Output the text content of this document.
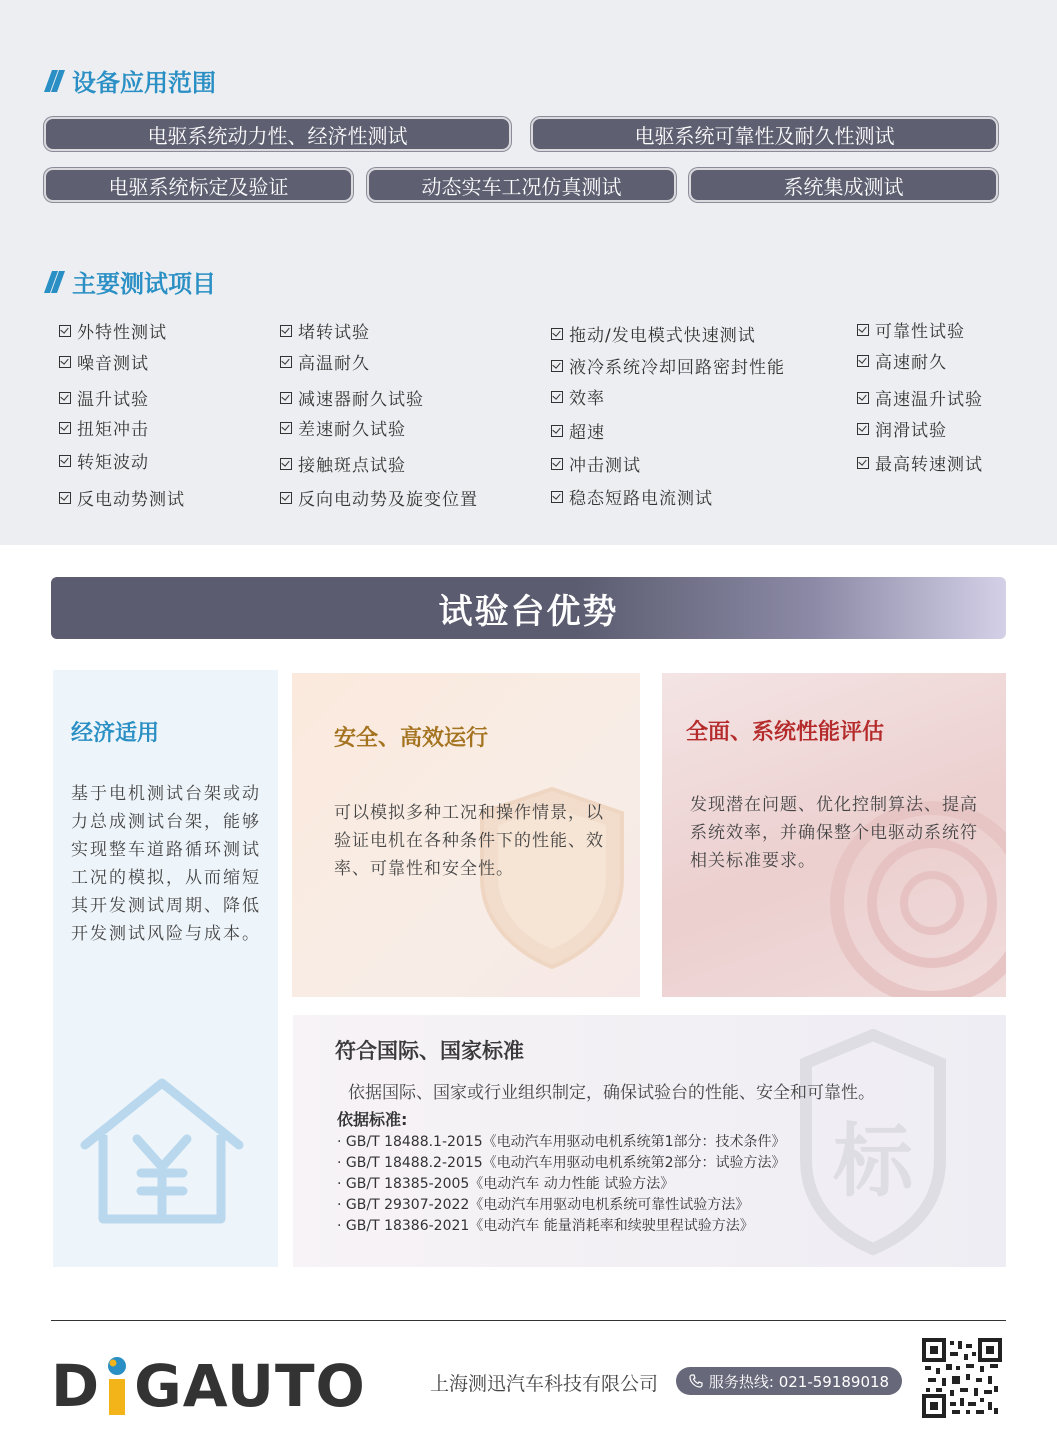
设备应用范围
电驱系统动力性、经济性测试	电驱系统可靠性及耐久性测试
电驱系统标定及验证	动态实车工况仿真测试	系统集成测试
主要测试项目
外特性测试
噪音测试
温升试验
扭矩冲击
转矩波动
反电动势测试
堵转试验
高温耐久
减速器耐久试验
差速耐久试验
接触斑点试验
反向电动势及旋变位置
拖动/发电模式快速测试
液冷系统冷却回路密封性能
效率
超速
冲击测试
稳态短路电流测试
可靠性试验
高速耐久
高速温升试验
润滑试验
最高转速测试
试验台优势
经济适用
基于电机测试台架或动力总成测试台架，能够实现整车道路循环测试工况的模拟，从而缩短其开发测试周期、降低开发测试风险与成本。
安全、高效运行
可以模拟多种工况和操作情景，以验证电机在各种条件下的性能、效率、可靠性和安全性。
全面、系统性能评估
发现潜在问题、优化控制算法、提高系统效率，并确保整个电驱动系统符相关标准要求。
标
符合国际、国家标准
依据国际、国家或行业组织制定，确保试验台的性能、安全和可靠性。
依据标准:
· GB/T 18488.1-2015《电动汽车用驱动电机系统第1部分：技术条件》
· GB/T 18488.2-2015《电动汽车用驱动电机系统第2部分：试验方法》
· GB/T 18385-2005《电动汽车 动力性能 试验方法》
· GB/T 29307-2022《电动汽车用驱动电机系统可靠性试验方法》
· GB/T 18386-2021《电动汽车 能量消耗率和续驶里程试验方法》
D GAUTO	上海测迅汽车科技有限公司	服务热线: 021-59189018
